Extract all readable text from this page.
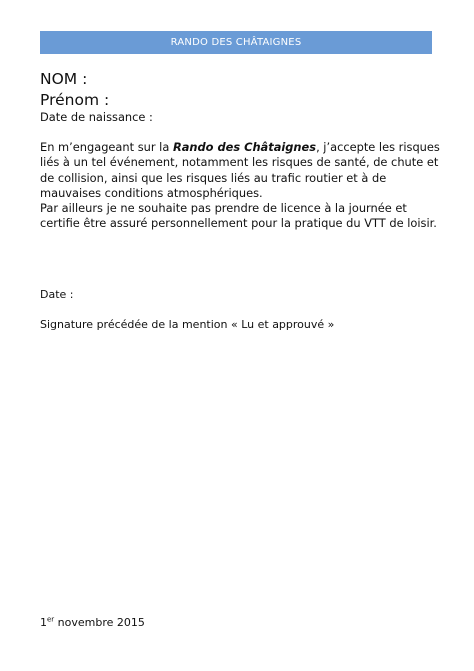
RANDO DES CHÂTAIGNES
NOM :
Prénom :
Date de naissance :

En m’engageant sur la Rando des Châtaignes, j’accepte les risques liés à un tel événement, notamment les risques de santé, de chute et de collision, ainsi que les risques liés au trafic routier et à de mauvaises conditions atmosphériques.

Par ailleurs je ne souhaite pas prendre de licence à la journée et certifie être assuré personnellement pour la pratique du VTT de loisir.

Date :
Signature précédée de la mention « Lu et approuvé »
1er novembre 2015
